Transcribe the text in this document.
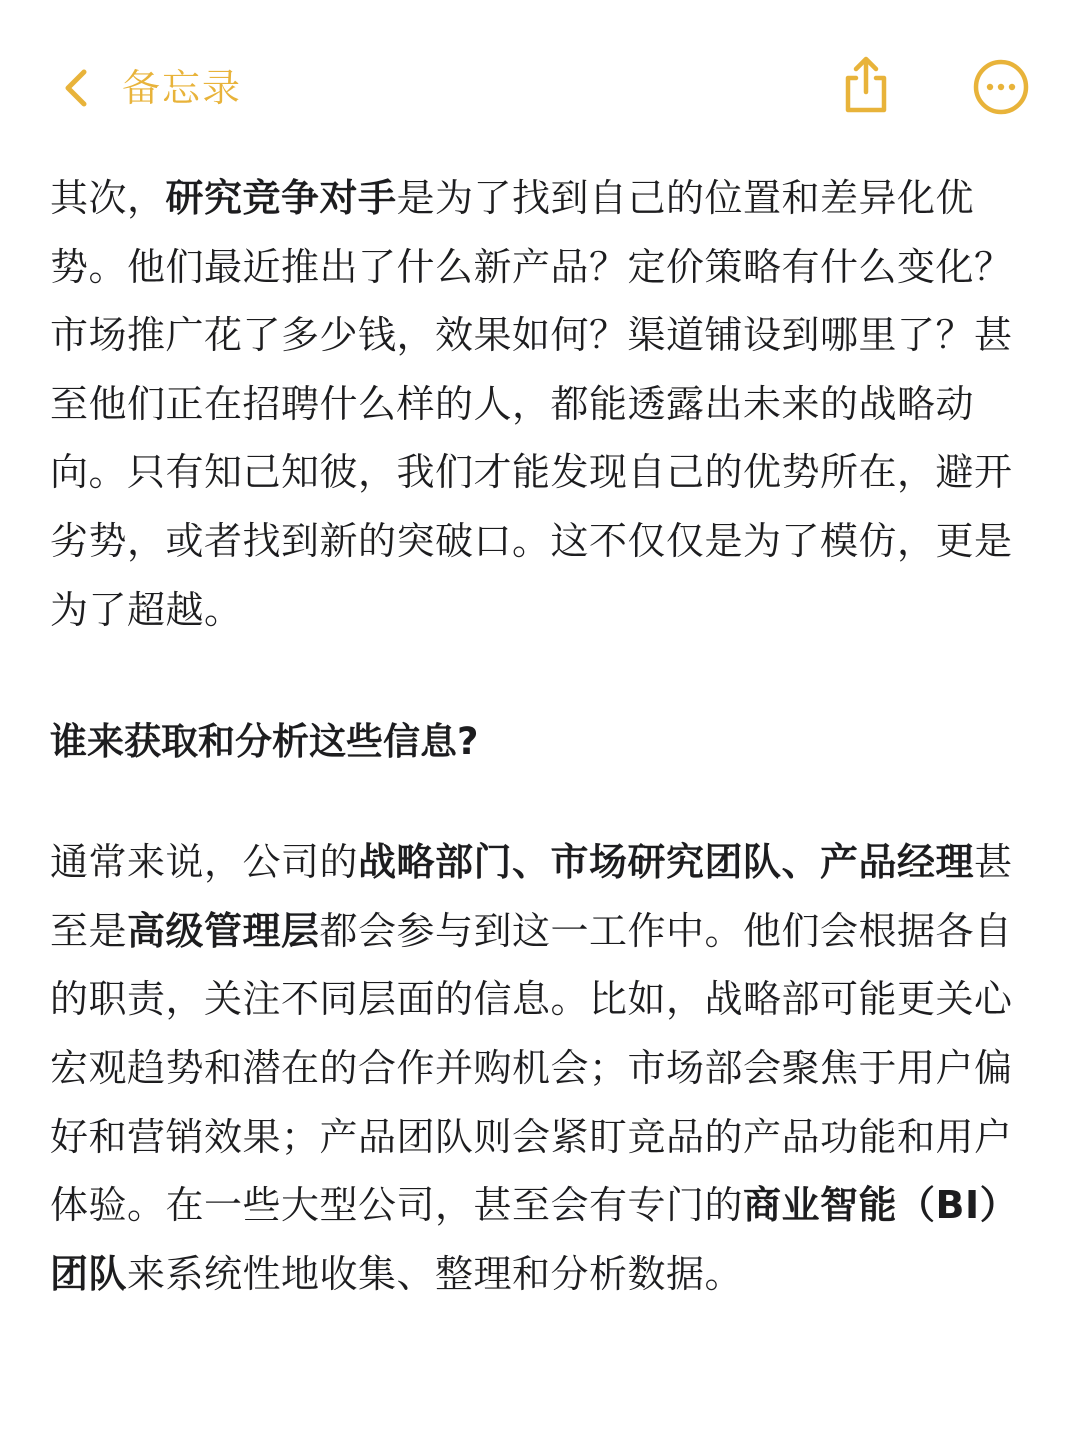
备忘录

其次，研究竞争对手是为了找到自己的位置和差异化优势。他们最近推出了什么新产品？定价策略有什么变化？市场推广花了多少钱，效果如何？渠道铺设到哪里了？甚至他们正在招聘什么样的人，都能透露出未来的战略动向。只有知己知彼，我们才能发现自己的优势所在，避开劣势，或者找到新的突破口。这不仅仅是为了模仿，更是为了超越。

谁来获取和分析这些信息?

通常来说，公司的战略部门、市场研究团队、产品经理甚至是高级管理层都会参与到这一工作中。他们会根据各自的职责，关注不同层面的信息。比如，战略部可能更关心宏观趋势和潜在的合作并购机会；市场部会聚焦于用户偏好和营销效果；产品团队则会紧盯竞品的产品功能和用户体验。在一些大型公司，甚至会有专门的商业智能（BI）团队来系统性地收集、整理和分析数据。
